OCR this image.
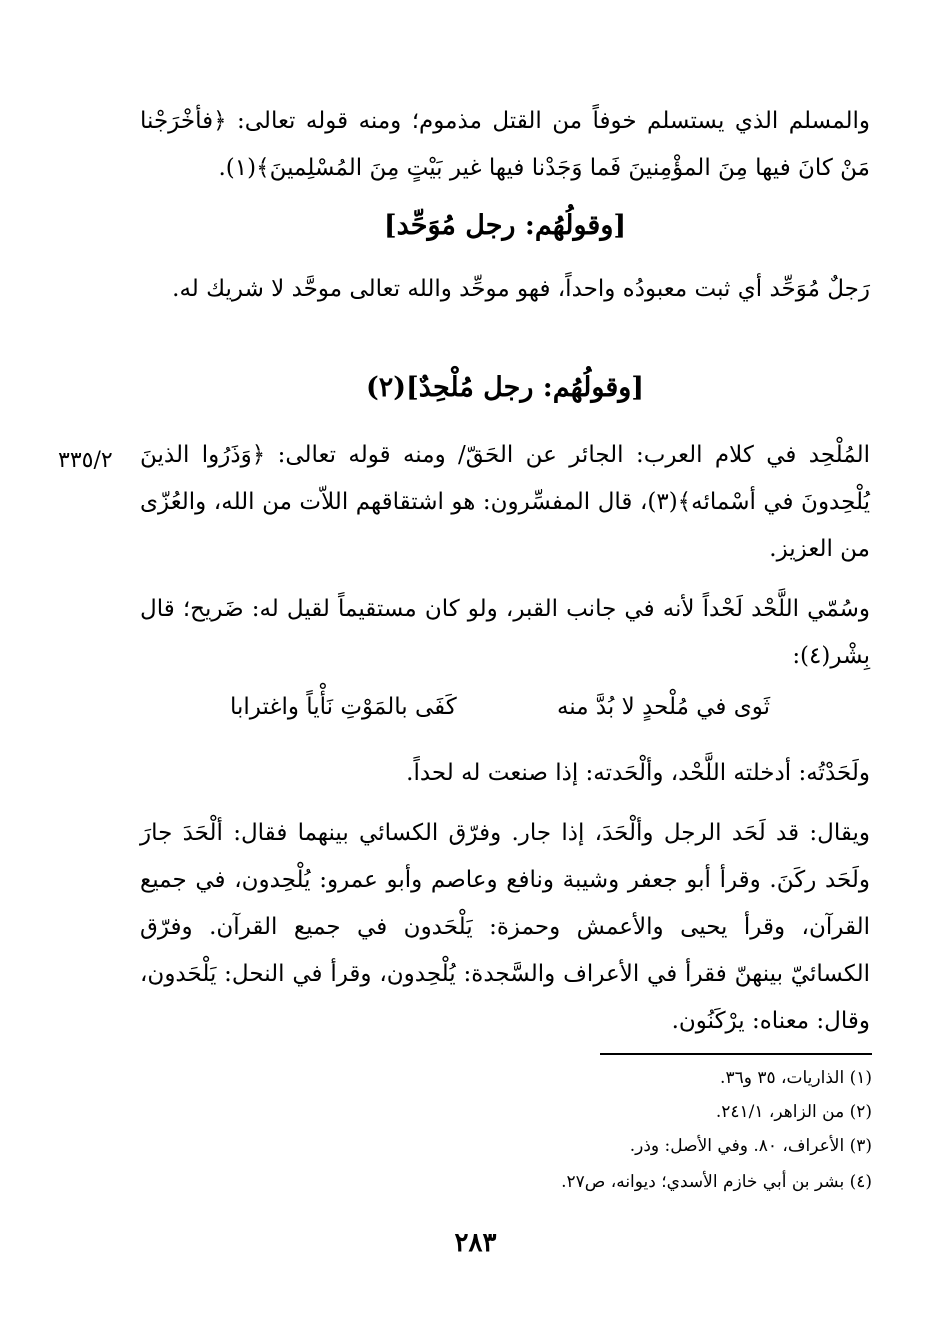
والمسلم الذي يستسلم خوفاً من القتل مذموم؛ ومنه قوله تعالى: ﴿فأخْرَجْنا مَنْ كانَ فيها مِنَ المؤْمِنينَ فَما وَجَدْنا فيها غير بَيْتٍ مِنَ المُسْلِمينَ﴾(١).
[وقولُهُم: رجل مُوَحِّد]
رَجلٌ مُوَحِّد أي ثبت معبودُه واحداً، فهو موحِّد والله تعالى موحَّد لا شريك له.
[وقولُهُم: رجل مُلْحِدٌ](٢)
المُلْحِد في كلام العرب: الجائر عن الحَقّ/ ومنه قوله تعالى: ﴿وَذَرُوا الذينَ يُلْحِدونَ في أسْمائه﴾(٣)، قال المفسِّرون: هو اشتقاقهم اللاّت من الله، والعُزّى من العزيز.
٣٣٥/٢
وسُمّي اللَّحْد لَحْداً لأنه في جانب القبر، ولو كان مستقيماً لقيل له: ضَريح؛ قال بِشْر(٤):
ثَوى في مُلْحدٍ لا بُدَّ منه
كَفَى بالمَوْتِ نَأْياً واغترابا
ولَحَدْتُه: أدخلته اللَّحْد، وألْحَدته: إذا صنعت له لحداً.
ويقال: قد لَحَد الرجل وألْحَدَ، إذا جار. وفرّق الكسائي بينهما فقال: ألْحَدَ جارَ ولَحَد ركَنَ. وقرأ أبو جعفر وشيبة ونافع وعاصم وأبو عمرو: يُلْحِدون، في جميع القرآن، وقرأ يحيى والأعمش وحمزة: يَلْحَدون في جميع القرآن. وفرّق الكسائيّ بينهنّ فقرأ في الأعراف والسَّجدة: يُلْحِدون، وقرأ في النحل: يَلْحَدون، وقال: معناه: يرْكَنُون.
(١) الذاريات، ٣٥ و٣٦.
(٢) من الزاهر، ٢٤١/١.
(٣) الأعراف، ٨٠. وفي الأصل: وذر.
(٤) بشر بن أبي خازم الأسدي؛ ديوانه، ص٢٧.
٢٨٣
